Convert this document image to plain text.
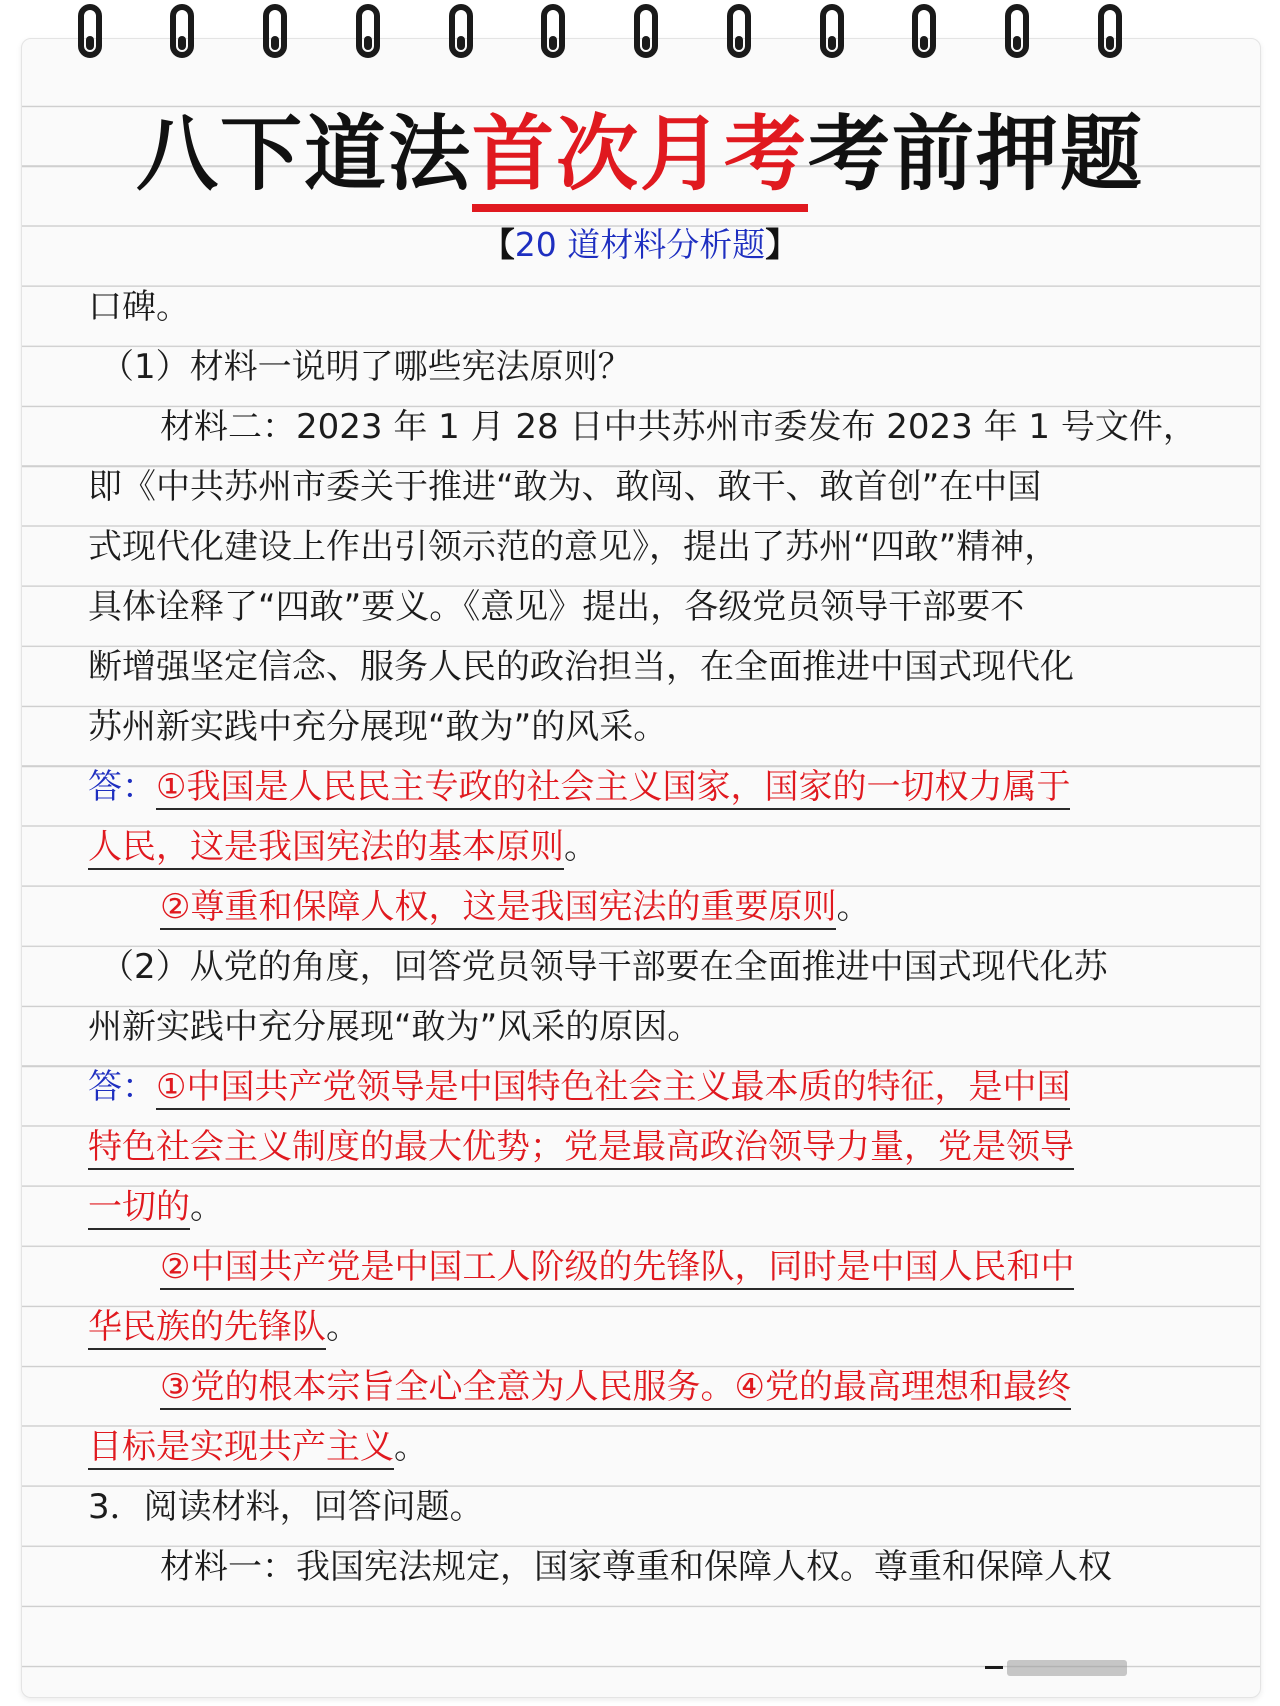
八下道法首次月考考前押题
【20 道材料分析题】
口碑。
（1）材料一说明了哪些宪法原则？
材料二：2023 年 1 月 28 日中共苏州市委发布 2023 年 1 号文件，
即《中共苏州市委关于推进“敢为、敢闯、敢干、敢首创”在中国
式现代化建设上作出引领示范的意见》，提出了苏州“四敢”精神，
具体诠释了“四敢”要义。《意见》提出，各级党员领导干部要不
断增强坚定信念、服务人民的政治担当，在全面推进中国式现代化
苏州新实践中充分展现“敢为”的风采。
答：①我国是人民民主专政的社会主义国家，国家的一切权力属于
人民，这是我国宪法的基本原则。
②尊重和保障人权，这是我国宪法的重要原则。
（2）从党的角度，回答党员领导干部要在全面推进中国式现代化苏
州新实践中充分展现“敢为”风采的原因。
答：①中国共产党领导是中国特色社会主义最本质的特征，是中国
特色社会主义制度的最大优势；党是最高政治领导力量，党是领导
一切的。
②中国共产党是中国工人阶级的先锋队，同时是中国人民和中
华民族的先锋队。
③党的根本宗旨全心全意为人民服务。④党的最高理想和最终
目标是实现共产主义。
3．阅读材料，回答问题。
材料一：我国宪法规定，国家尊重和保障人权。尊重和保障人权
